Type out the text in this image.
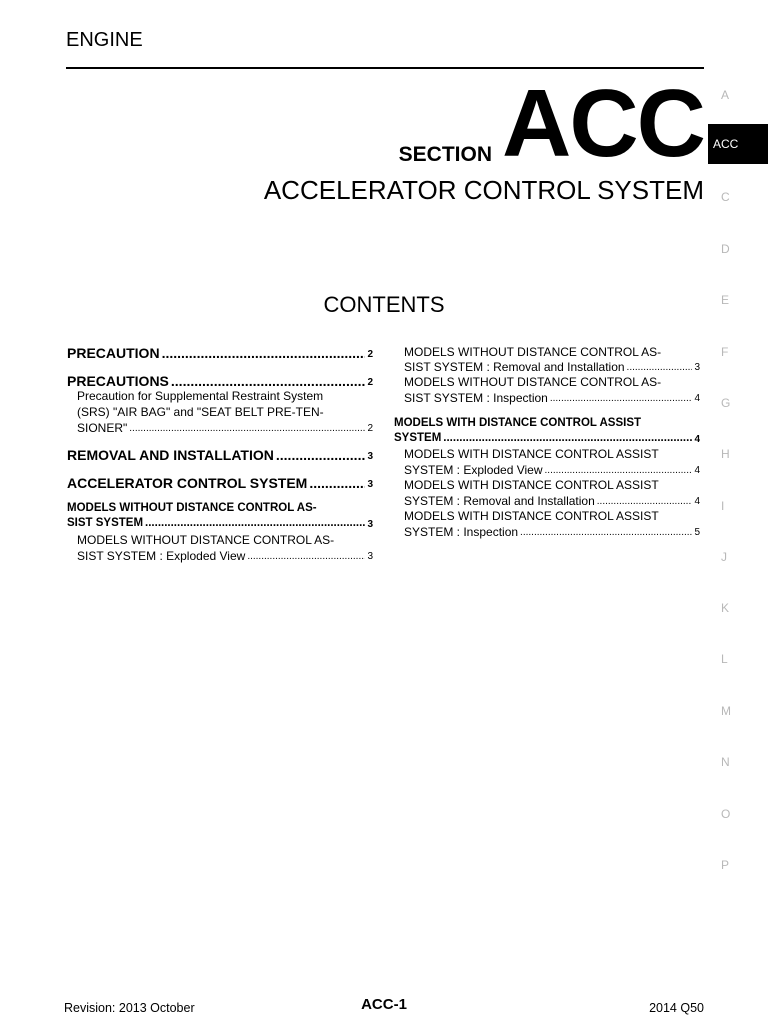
ENGINE
SECTION ACC
ACCELERATOR CONTROL SYSTEM
CONTENTS
A
ACC
C
D
E
F
G
H
I
J
K
L
M
N
O
P
PRECAUTION .....	2
PRECAUTIONS .....	2
Precaution for Supplemental Restraint System
(SRS) "AIR BAG" and "SEAT BELT PRE-TEN-
SIONER" .....	2
REMOVAL AND INSTALLATION .....	3
ACCELERATOR CONTROL SYSTEM .....	3
MODELS WITHOUT DISTANCE CONTROL AS-
SIST SYSTEM .....	3
MODELS WITHOUT DISTANCE CONTROL AS-
SIST SYSTEM : Exploded View .....	3
MODELS WITHOUT DISTANCE CONTROL AS-
SIST SYSTEM : Removal and Installation .....	3
MODELS WITHOUT DISTANCE CONTROL AS-
SIST SYSTEM : Inspection .....	4
MODELS WITH DISTANCE CONTROL ASSIST
SYSTEM .....	4
MODELS WITH DISTANCE CONTROL ASSIST
SYSTEM : Exploded View .....	4
MODELS WITH DISTANCE CONTROL ASSIST
SYSTEM : Removal and Installation .....	4
MODELS WITH DISTANCE CONTROL ASSIST
SYSTEM : Inspection .....	5
Revision: 2013 October	ACC-1	2014 Q50
